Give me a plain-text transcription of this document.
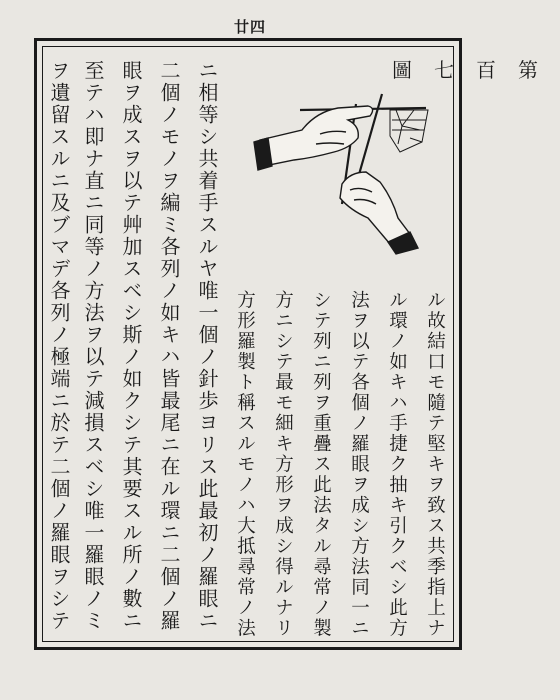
廿四
第百七圖
ル故結口モ隨テ堅キヲ致ス共季指上ナ
ル環ノ如キハ手捷ク抽キ引クベシ此方
法ヲ以テ各個ノ羅眼ヲ成シ方法同一ニ
シテ列ニ列ヲ重疊ス此法タル尋常ノ製
方ニシテ最モ細キ方形ヲ成シ得ルナリ
方形羅製ト稱スルモノハ大抵尋常ノ法
ニ相等シ共着手スルヤ唯一個ノ針歩ヨリス此最初ノ羅眼ニ
二個ノモノヲ編ミ各列ノ如キハ皆最尾ニ在ル環ニ二個ノ羅
眼ヲ成スヲ以テ艸加スベシ斯ノ如クシテ其要スル所ノ數ニ
至テハ即ナ直ニ同等ノ方法ヲ以テ減損スベシ唯一羅眼ノミ
ヲ遺留スルニ及ブマデ各列ノ極端ニ於テ二個ノ羅眼ヲシテ
